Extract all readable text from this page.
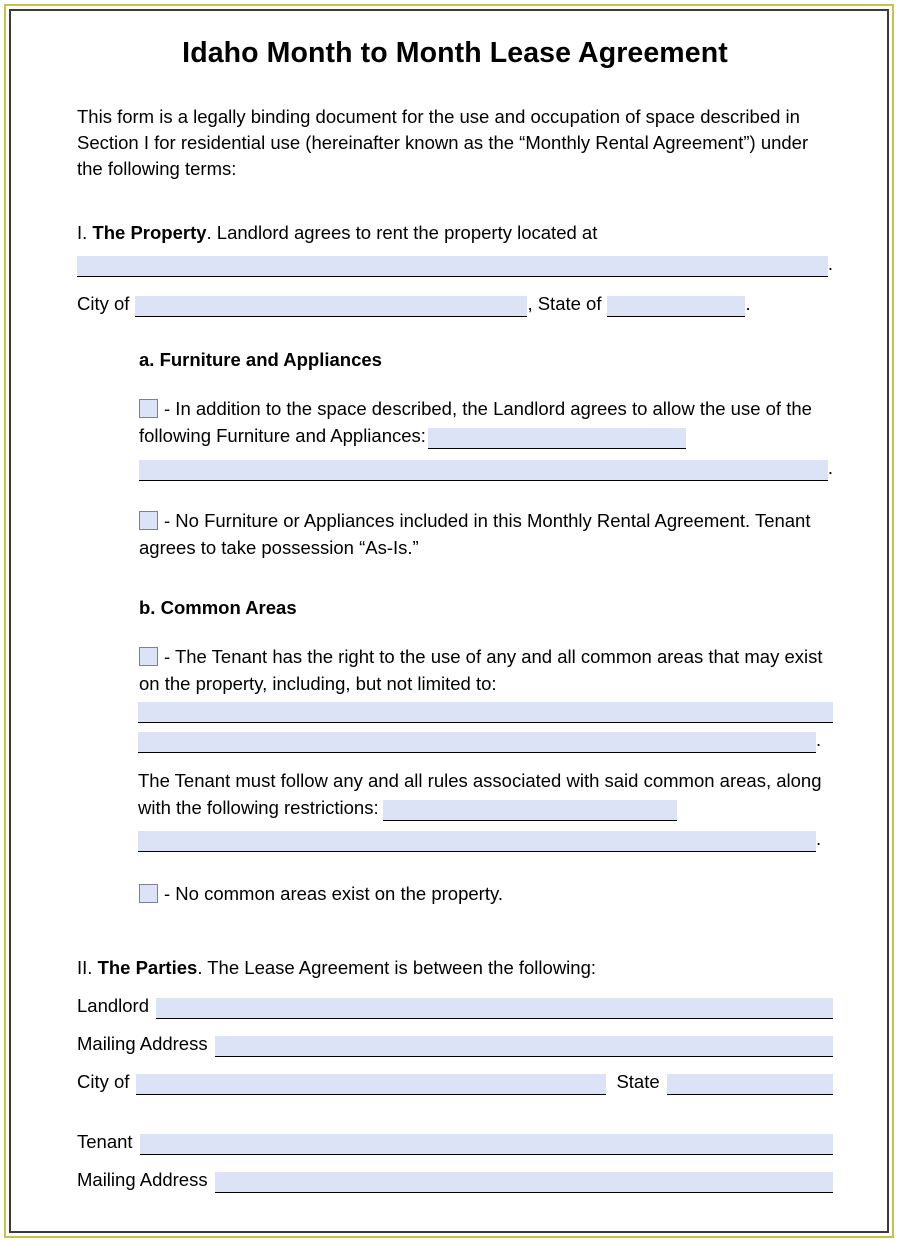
Idaho Month to Month Lease Agreement
This form is a legally binding document for the use and occupation of space described in Section I for residential use (hereinafter known as the “Monthly Rental Agreement”) under the following terms:
I. The Property. Landlord agrees to rent the property located at
.
City of	, State of	.
a. Furniture and Appliances
- In addition to the space described, the Landlord agrees to allow the use of the following Furniture and Appliances:
.
- No Furniture or Appliances included in this Monthly Rental Agreement. Tenant agrees to take possession “As-Is.”
b. Common Areas
- The Tenant has the right to the use of any and all common areas that may exist on the property, including, but not limited to:
.
The Tenant must follow any and all rules associated with said common areas, along with the following restrictions:
.
- No common areas exist on the property.
II. The Parties. The Lease Agreement is between the following:
Landlord
Mailing Address
City of	State
Tenant
Mailing Address
